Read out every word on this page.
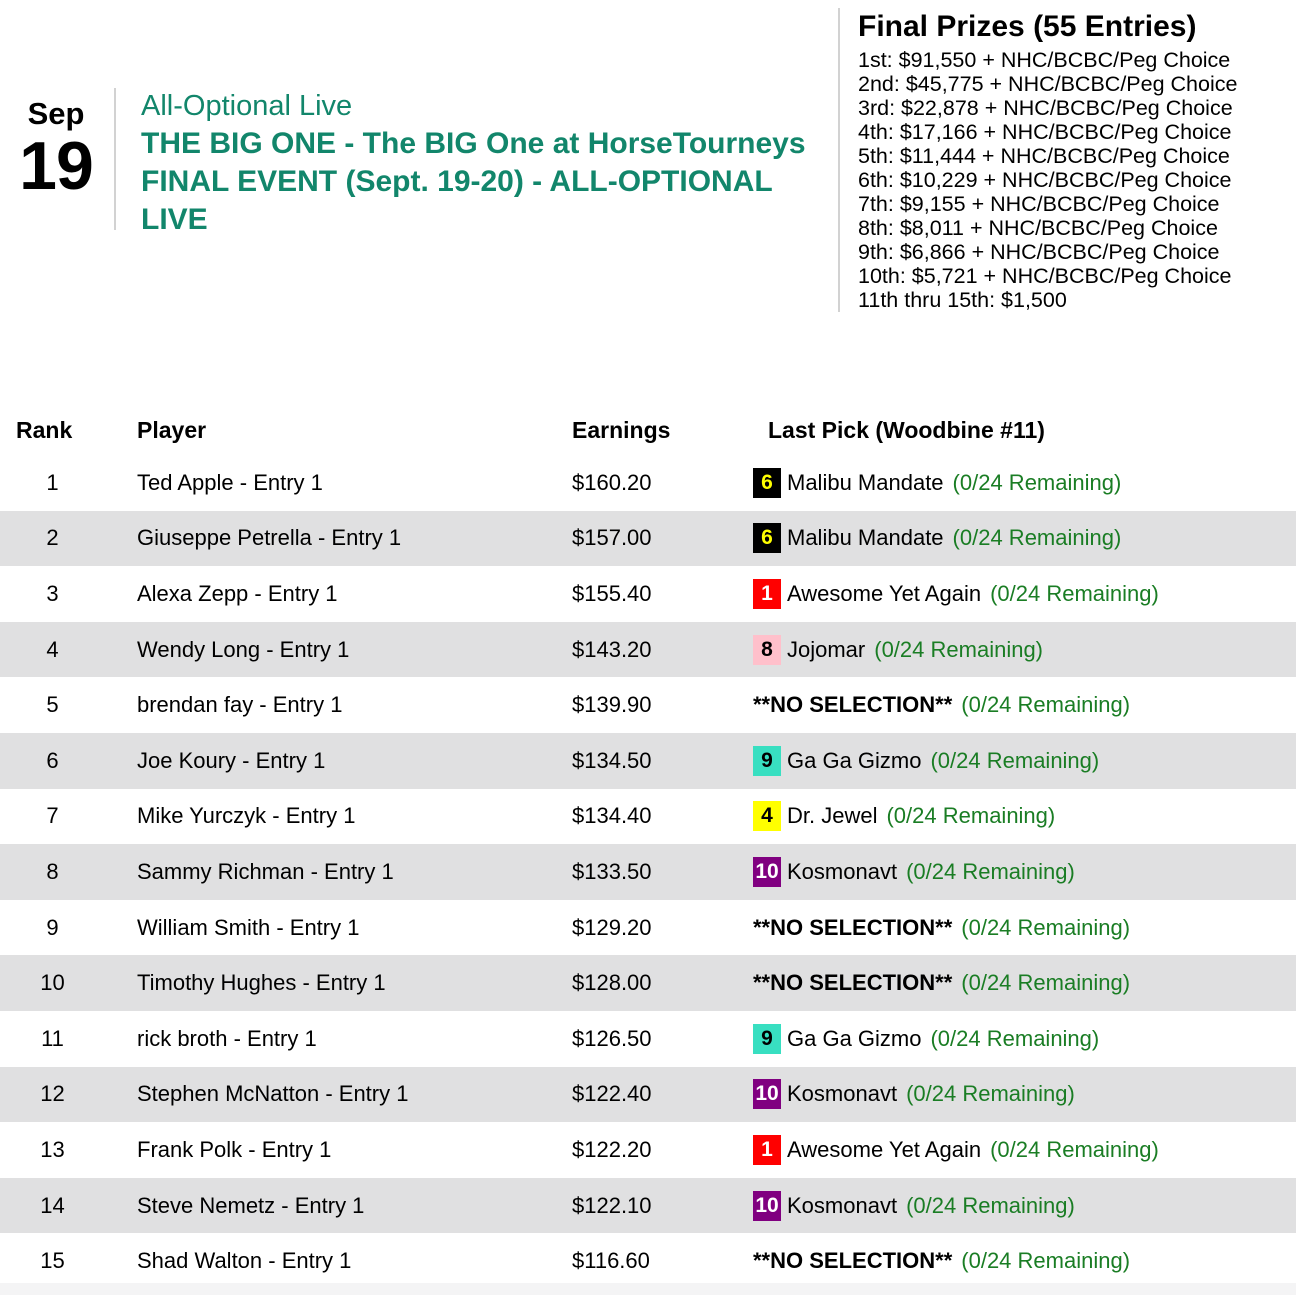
Sep
19
All-Optional Live
THE BIG ONE - The BIG One at HorseTourneys FINAL EVENT (Sept. 19-20) - ALL-OPTIONAL LIVE
Final Prizes (55 Entries)
1st: $91,550 + NHC/BCBC/Peg Choice
2nd: $45,775 + NHC/BCBC/Peg Choice
3rd: $22,878 + NHC/BCBC/Peg Choice
4th: $17,166 + NHC/BCBC/Peg Choice
5th: $11,444 + NHC/BCBC/Peg Choice
6th: $10,229 + NHC/BCBC/Peg Choice
7th: $9,155 + NHC/BCBC/Peg Choice
8th: $8,011 + NHC/BCBC/Peg Choice
9th: $6,866 + NHC/BCBC/Peg Choice
10th: $5,721 + NHC/BCBC/Peg Choice
11th thru 15th: $1,500
Rank	Player	Earnings	Last Pick (Woodbine #11)
1	Ted Apple - Entry 1	$160.20	6 Malibu Mandate (0/24 Remaining)
2	Giuseppe Petrella - Entry 1	$157.00	6 Malibu Mandate (0/24 Remaining)
3	Alexa Zepp - Entry 1	$155.40	1 Awesome Yet Again (0/24 Remaining)
4	Wendy Long - Entry 1	$143.20	8 Jojomar (0/24 Remaining)
5	brendan fay - Entry 1	$139.90	**NO SELECTION** (0/24 Remaining)
6	Joe Koury - Entry 1	$134.50	9 Ga Ga Gizmo (0/24 Remaining)
7	Mike Yurczyk - Entry 1	$134.40	4 Dr. Jewel (0/24 Remaining)
8	Sammy Richman - Entry 1	$133.50	10 Kosmonavt (0/24 Remaining)
9	William Smith - Entry 1	$129.20	**NO SELECTION** (0/24 Remaining)
10	Timothy Hughes - Entry 1	$128.00	**NO SELECTION** (0/24 Remaining)
11	rick broth - Entry 1	$126.50	9 Ga Ga Gizmo (0/24 Remaining)
12	Stephen McNatton - Entry 1	$122.40	10 Kosmonavt (0/24 Remaining)
13	Frank Polk - Entry 1	$122.20	1 Awesome Yet Again (0/24 Remaining)
14	Steve Nemetz - Entry 1	$122.10	10 Kosmonavt (0/24 Remaining)
15	Shad Walton - Entry 1	$116.60	**NO SELECTION** (0/24 Remaining)
